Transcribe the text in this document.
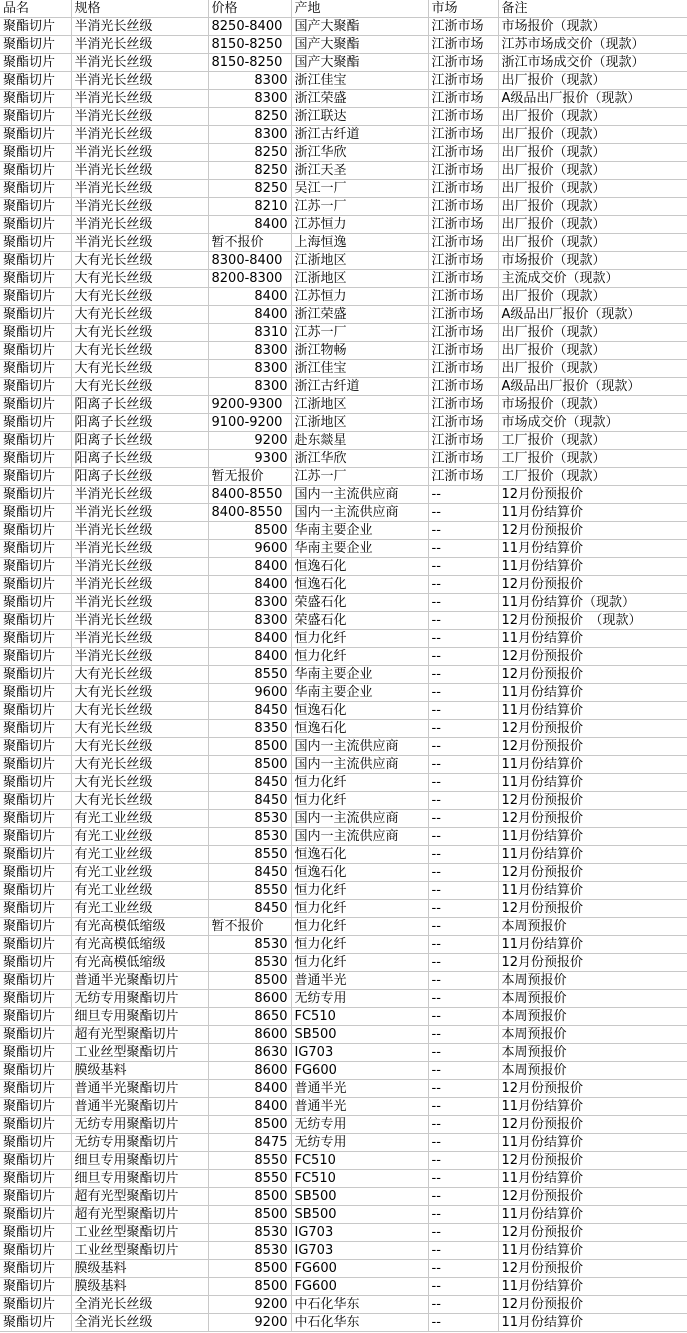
品名	规格	价格	产地	市场	备注
聚酯切片	半消光长丝级	8250-8400	国产大聚酯	江浙市场	市场报价（现款）
聚酯切片	半消光长丝级	8150-8250	国产大聚酯	江浙市场	江苏市场成交价（现款）
聚酯切片	半消光长丝级	8150-8250	国产大聚酯	江浙市场	浙江市场成交价（现款）
聚酯切片	半消光长丝级	8300	浙江佳宝	江浙市场	出厂报价（现款）
聚酯切片	半消光长丝级	8300	浙江荣盛	江浙市场	A级品出厂报价（现款）
聚酯切片	半消光长丝级	8250	浙江联达	江浙市场	出厂报价（现款）
聚酯切片	半消光长丝级	8300	浙江古纤道	江浙市场	出厂报价（现款）
聚酯切片	半消光长丝级	8250	浙江华欣	江浙市场	出厂报价（现款）
聚酯切片	半消光长丝级	8250	浙江天圣	江浙市场	出厂报价（现款）
聚酯切片	半消光长丝级	8250	吴江一厂	江浙市场	出厂报价（现款）
聚酯切片	半消光长丝级	8210	江苏一厂	江浙市场	出厂报价（现款）
聚酯切片	半消光长丝级	8400	江苏恒力	江浙市场	出厂报价（现款）
聚酯切片	半消光长丝级	暂不报价	上海恒逸	江浙市场	出厂报价（现款）
聚酯切片	大有光长丝级	8300-8400	江浙地区	江浙市场	市场报价（现款）
聚酯切片	大有光长丝级	8200-8300	江浙地区	江浙市场	主流成交价（现款）
聚酯切片	大有光长丝级	8400	江苏恒力	江浙市场	出厂报价（现款）
聚酯切片	大有光长丝级	8400	浙江荣盛	江浙市场	A级品出厂报价（现款）
聚酯切片	大有光长丝级	8310	江苏一厂	江浙市场	出厂报价（现款）
聚酯切片	大有光长丝级	8300	浙江物畅	江浙市场	出厂报价（现款）
聚酯切片	大有光长丝级	8300	浙江佳宝	江浙市场	出厂报价（现款）
聚酯切片	大有光长丝级	8300	浙江古纤道	江浙市场	A级品出厂报价（现款）
聚酯切片	阳离子长丝级	9200-9300	江浙地区	江浙市场	市场报价（现款）
聚酯切片	阳离子长丝级	9100-9200	江浙地区	江浙市场	市场成交价（现款）
聚酯切片	阳离子长丝级	9200	赴东燚星	江浙市场	工厂报价（现款）
聚酯切片	阳离子长丝级	9300	浙江华欣	江浙市场	工厂报价（现款）
聚酯切片	阳离子长丝级	暂无报价	江苏一厂	江浙市场	工厂报价（现款）
聚酯切片	半消光长丝级	8400-8550	国内一主流供应商	--	12月份预报价
聚酯切片	半消光长丝级	8400-8550	国内一主流供应商	--	11月份结算价
聚酯切片	半消光长丝级	8500	华南主要企业	--	12月份预报价
聚酯切片	半消光长丝级	9600	华南主要企业	--	11月份结算价
聚酯切片	半消光长丝级	8400	恒逸石化	--	11月份结算价
聚酯切片	半消光长丝级	8400	恒逸石化	--	12月份预报价
聚酯切片	半消光长丝级	8300	荣盛石化	--	11月份结算价（现款）
聚酯切片	半消光长丝级	8300	荣盛石化	--	12月份预报价　（现款）
聚酯切片	半消光长丝级	8400	恒力化纤	--	11月份结算价
聚酯切片	半消光长丝级	8400	恒力化纤	--	12月份预报价
聚酯切片	大有光长丝级	8550	华南主要企业	--	12月份预报价
聚酯切片	大有光长丝级	9600	华南主要企业	--	11月份结算价
聚酯切片	大有光长丝级	8450	恒逸石化	--	11月份结算价
聚酯切片	大有光长丝级	8350	恒逸石化	--	12月份预报价
聚酯切片	大有光长丝级	8500	国内一主流供应商	--	12月份预报价
聚酯切片	大有光长丝级	8500	国内一主流供应商	--	11月份结算价
聚酯切片	大有光长丝级	8450	恒力化纤	--	11月份结算价
聚酯切片	大有光长丝级	8450	恒力化纤	--	12月份预报价
聚酯切片	有光工业丝级	8530	国内一主流供应商	--	12月份预报价
聚酯切片	有光工业丝级	8530	国内一主流供应商	--	11月份结算价
聚酯切片	有光工业丝级	8550	恒逸石化	--	11月份结算价
聚酯切片	有光工业丝级	8450	恒逸石化	--	12月份预报价
聚酯切片	有光工业丝级	8550	恒力化纤	--	11月份结算价
聚酯切片	有光工业丝级	8450	恒力化纤	--	12月份预报价
聚酯切片	有光高模低缩级	暂不报价	恒力化纤	--	本周预报价
聚酯切片	有光高模低缩级	8530	恒力化纤	--	11月份结算价
聚酯切片	有光高模低缩级	8530	恒力化纤	--	12月份预报价
聚酯切片	普通半光聚酯切片	8500	普通半光	--	本周预报价
聚酯切片	无纺专用聚酯切片	8600	无纺专用	--	本周预报价
聚酯切片	细旦专用聚酯切片	8650	FC510	--	本周预报价
聚酯切片	超有光型聚酯切片	8600	SB500	--	本周预报价
聚酯切片	工业丝型聚酯切片	8630	IG703	--	本周预报价
聚酯切片	膜级基料	8600	FG600	--	本周预报价
聚酯切片	普通半光聚酯切片	8400	普通半光	--	12月份预报价
聚酯切片	普通半光聚酯切片	8400	普通半光	--	11月份结算价
聚酯切片	无纺专用聚酯切片	8500	无纺专用	--	12月份预报价
聚酯切片	无纺专用聚酯切片	8475	无纺专用	--	11月份结算价
聚酯切片	细旦专用聚酯切片	8550	FC510	--	12月份预报价
聚酯切片	细旦专用聚酯切片	8550	FC510	--	11月份结算价
聚酯切片	超有光型聚酯切片	8500	SB500	--	12月份预报价
聚酯切片	超有光型聚酯切片	8500	SB500	--	11月份结算价
聚酯切片	工业丝型聚酯切片	8530	IG703	--	12月份预报价
聚酯切片	工业丝型聚酯切片	8530	IG703	--	11月份结算价
聚酯切片	膜级基料	8500	FG600	--	12月份预报价
聚酯切片	膜级基料	8500	FG600	--	11月份结算价
聚酯切片	全消光长丝级	9200	中石化华东	--	12月份预报价
聚酯切片	全消光长丝级	9200	中石化华东	--	11月份结算价
